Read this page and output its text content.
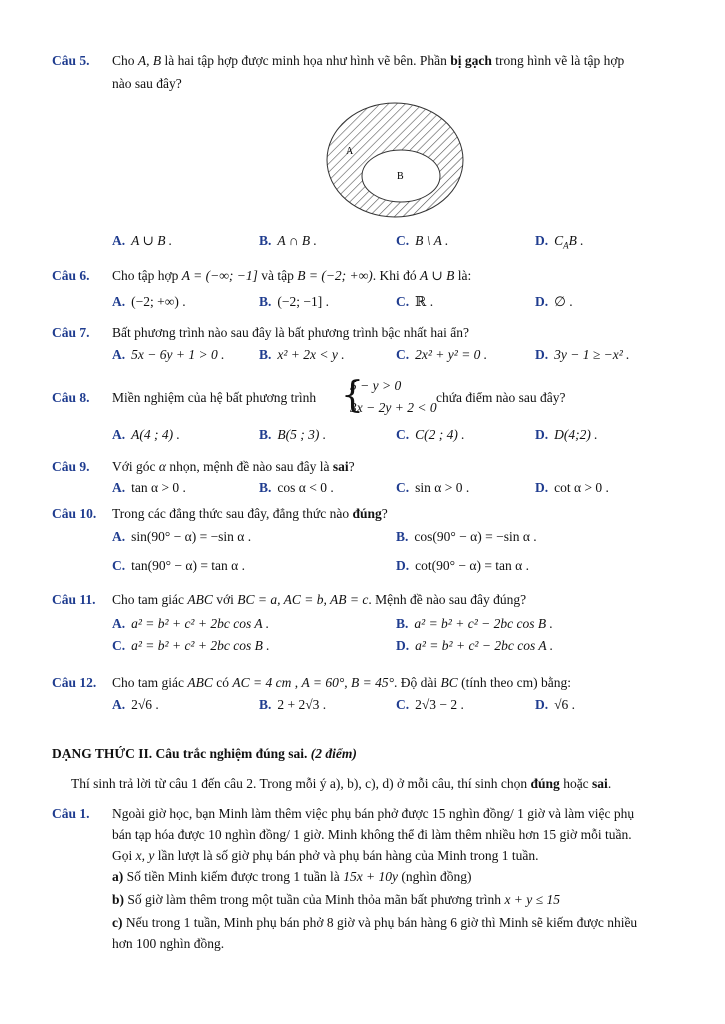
Câu 5. Cho A, B là hai tập hợp được minh họa như hình vẽ bên. Phần bị gạch trong hình vẽ là tập hợp
nào sau đây?
A
B
A. A ∪ B .	B. A ∩ B .	C. B \ A .	D. $C_AB$ .
Câu 6. Cho tập hợp A = (−∞; −1] và tập B = (−2; +∞). Khi đó A ∪ B là:
A. (−2; +∞) .	B. (−2; −1] .	C. ℝ .	D. ∅ .
Câu 7. Bất phương trình nào sau đây là bất phương trình bậc nhất hai ẩn?
A. 5x − 6y + 1 > 0 .	B. x² + 2x < y .	C. 2x² + y² = 0 .	D. 3y − 1 ≥ −x² .
Câu 8. Miền nghiệm của hệ bất phương trình {
5 − y > 0
3x − 2y + 2 < 0
chứa điểm nào sau đây?
A. A(4 ; 4) .	B. B(5 ; 3) .	C. C(2 ; 4) .	D. D(4;2) .
Câu 9. Với góc α nhọn, mệnh đề nào sau đây là sai?
A. tan α > 0 .	B. cos α < 0 .	C. sin α > 0 .	D. cot α > 0 .
Câu 10. Trong các đẳng thức sau đây, đẳng thức nào đúng?
A. sin(90° − α) = −sin α .	B. cos(90° − α) = −sin α .
C. tan(90° − α) = tan α .	D. cot(90° − α) = tan α .
Câu 11. Cho tam giác ABC với BC = a, AC = b, AB = c. Mệnh đề nào sau đây đúng?
A. a² = b² + c² + 2bc cos A .	B. a² = b² + c² − 2bc cos B .
C. a² = b² + c² + 2bc cos B .	D. a² = b² + c² − 2bc cos A .
Câu 12. Cho tam giác ABC có AC = 4 cm , A = 60°, B = 45°. Độ dài BC (tính theo cm) bằng:
A. 2√6 .	B. 2 + 2√3 .	C. 2√3 − 2 .	D. √6 .
DẠNG THỨC II. Câu trắc nghiệm đúng sai. (2 điểm)
Thí sinh trả lời từ câu 1 đến câu 2. Trong mỗi ý a), b), c), d) ở mỗi câu, thí sinh chọn đúng hoặc sai.
Câu 1. Ngoài giờ học, bạn Minh làm thêm việc phụ bán phở được 15 nghìn đồng/ 1 giờ và làm việc phụ
bán tạp hóa được 10 nghìn đồng/ 1 giờ. Minh không thể đi làm thêm nhiều hơn 15 giờ mỗi tuần.
Gọi x, y lần lượt là số giờ phụ bán phở và phụ bán hàng của Minh trong 1 tuần.
a) Số tiền Minh kiếm được trong 1 tuần là 15x + 10y (nghìn đồng)
b) Số giờ làm thêm trong một tuần của Minh thỏa mãn bất phương trình x + y ≤ 15
c) Nếu trong 1 tuần, Minh phụ bán phở 8 giờ và phụ bán hàng 6 giờ thì Minh sẽ kiếm được nhiều
hơn 100 nghìn đồng.
